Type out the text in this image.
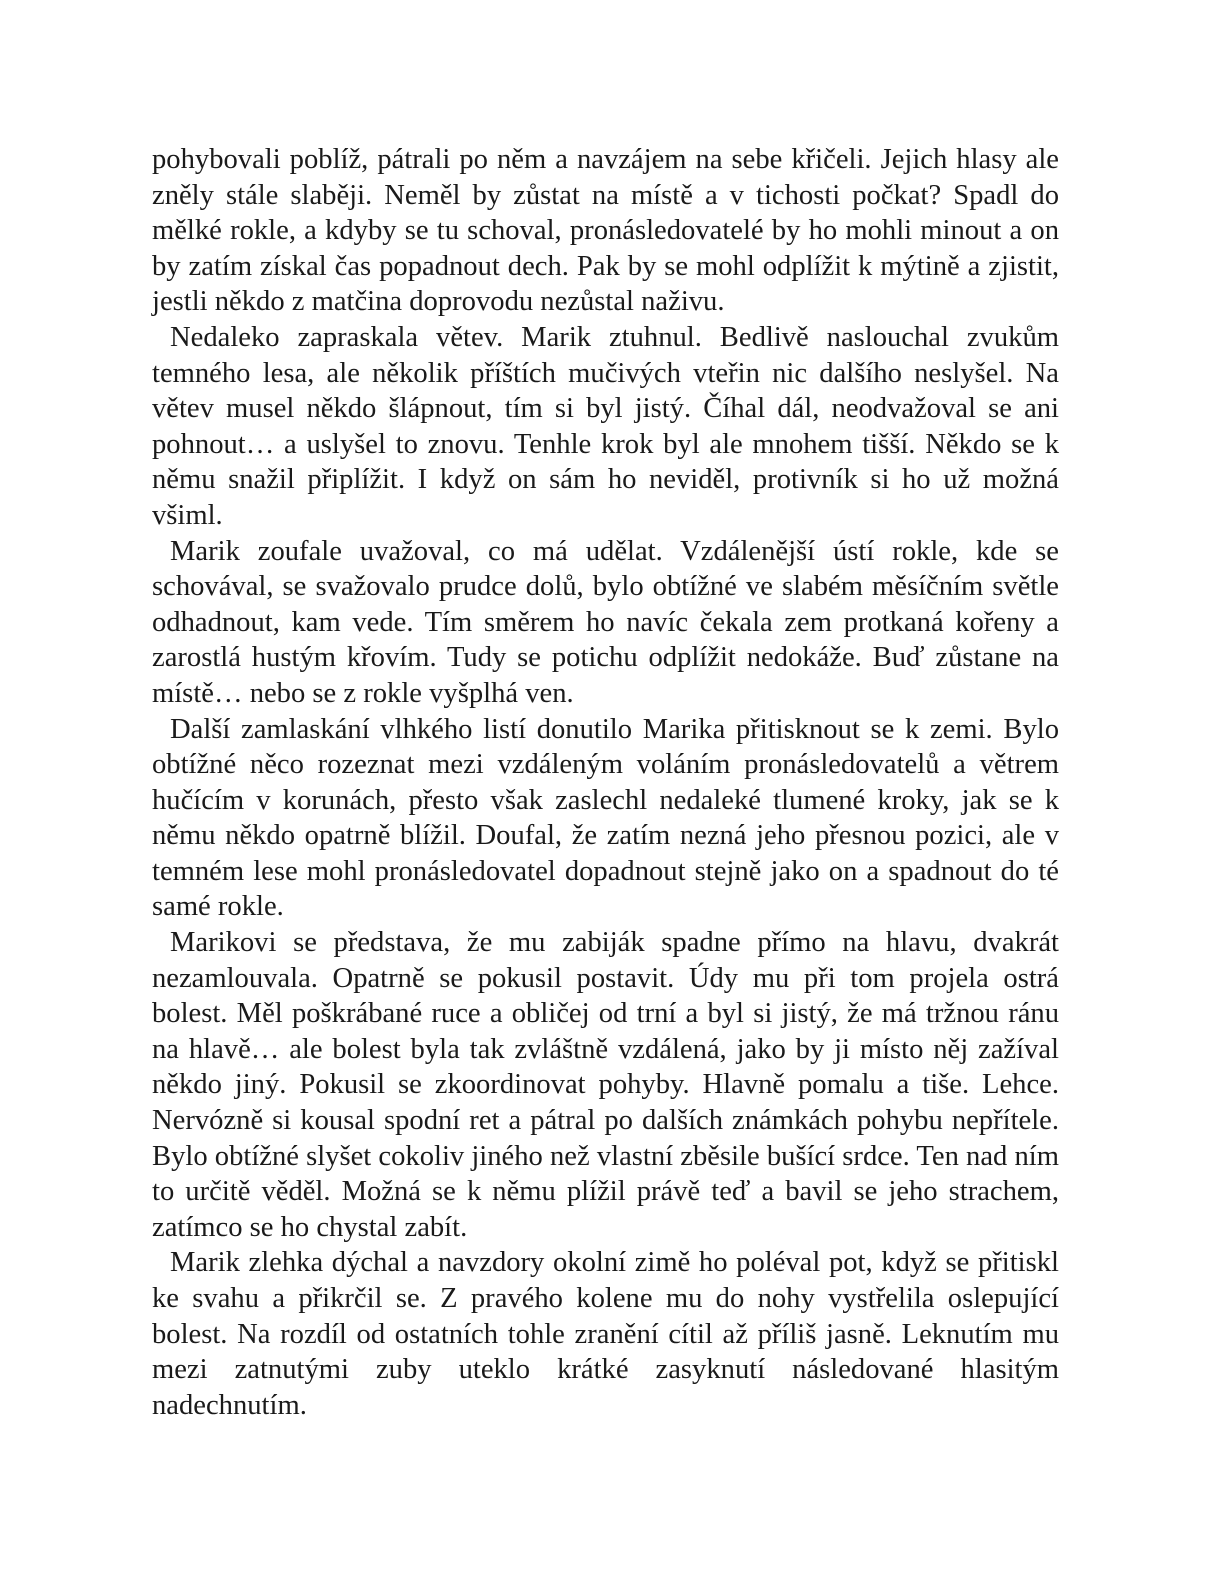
pohybovali poblíž, pátrali po něm a navzájem na sebe křičeli. Jejich hlasy ale zněly stále slaběji. Neměl by zůstat na místě a v tichosti počkat? Spadl do mělké rokle, a kdyby se tu schoval, pronásledovatelé by ho mohli minout a on by zatím získal čas popadnout dech. Pak by se mohl odplížit k mýtině a zjistit, jestli někdo z matčina doprovodu nezůstal naživu.

Nedaleko zapraskala větev. Marik ztuhnul. Bedlivě naslouchal zvukům temného lesa, ale několik příštích mučivých vteřin nic dalšího neslyšel. Na větev musel někdo šlápnout, tím si byl jistý. Číhal dál, neodvažoval se ani pohnout… a uslyšel to znovu. Tenhle krok byl ale mnohem tišší. Někdo se k němu snažil připlížit. I když on sám ho neviděl, protivník si ho už možná všiml.

Marik zoufale uvažoval, co má udělat. Vzdálenější ústí rokle, kde se schovával, se svažovalo prudce dolů, bylo obtížné ve slabém měsíčním světle odhadnout, kam vede. Tím směrem ho navíc čekala zem protkaná kořeny a zarostlá hustým křovím. Tudy se potichu odplížit nedokáže. Buď zůstane na místě… nebo se z rokle vyšplhá ven.

Další zamlaskání vlhkého listí donutilo Marika přitisknout se k zemi. Bylo obtížné něco rozeznat mezi vzdáleným voláním pronásledovatelů a větrem hučícím v korunách, přesto však zaslechl nedaleké tlumené kroky, jak se k němu někdo opatrně blížil. Doufal, že zatím nezná jeho přesnou pozici, ale v temném lese mohl pronásledovatel dopadnout stejně jako on a spadnout do té samé rokle.

Marikovi se představa, že mu zabiják spadne přímo na hlavu, dvakrát nezamlouvala. Opatrně se pokusil postavit. Údy mu při tom projela ostrá bolest. Měl poškrábané ruce a obličej od trní a byl si jistý, že má tržnou ránu na hlavě… ale bolest byla tak zvláštně vzdálená, jako by ji místo něj zažíval někdo jiný. Pokusil se zkoordinovat pohyby. Hlavně pomalu a tiše. Lehce. Nervózně si kousal spodní ret a pátral po dalších známkách pohybu nepřítele. Bylo obtížné slyšet cokoliv jiného než vlastní zběsile bušící srdce. Ten nad ním to určitě věděl. Možná se k němu plížil právě teď a bavil se jeho strachem, zatímco se ho chystal zabít.

Marik zlehka dýchal a navzdory okolní zimě ho poléval pot, když se přitiskl ke svahu a přikrčil se. Z pravého kolene mu do nohy vystřelila oslepující bolest. Na rozdíl od ostatních tohle zranění cítil až příliš jasně. Leknutím mu mezi zatnutými zuby uteklo krátké zasyknutí následované hlasitým nadechnutím.
